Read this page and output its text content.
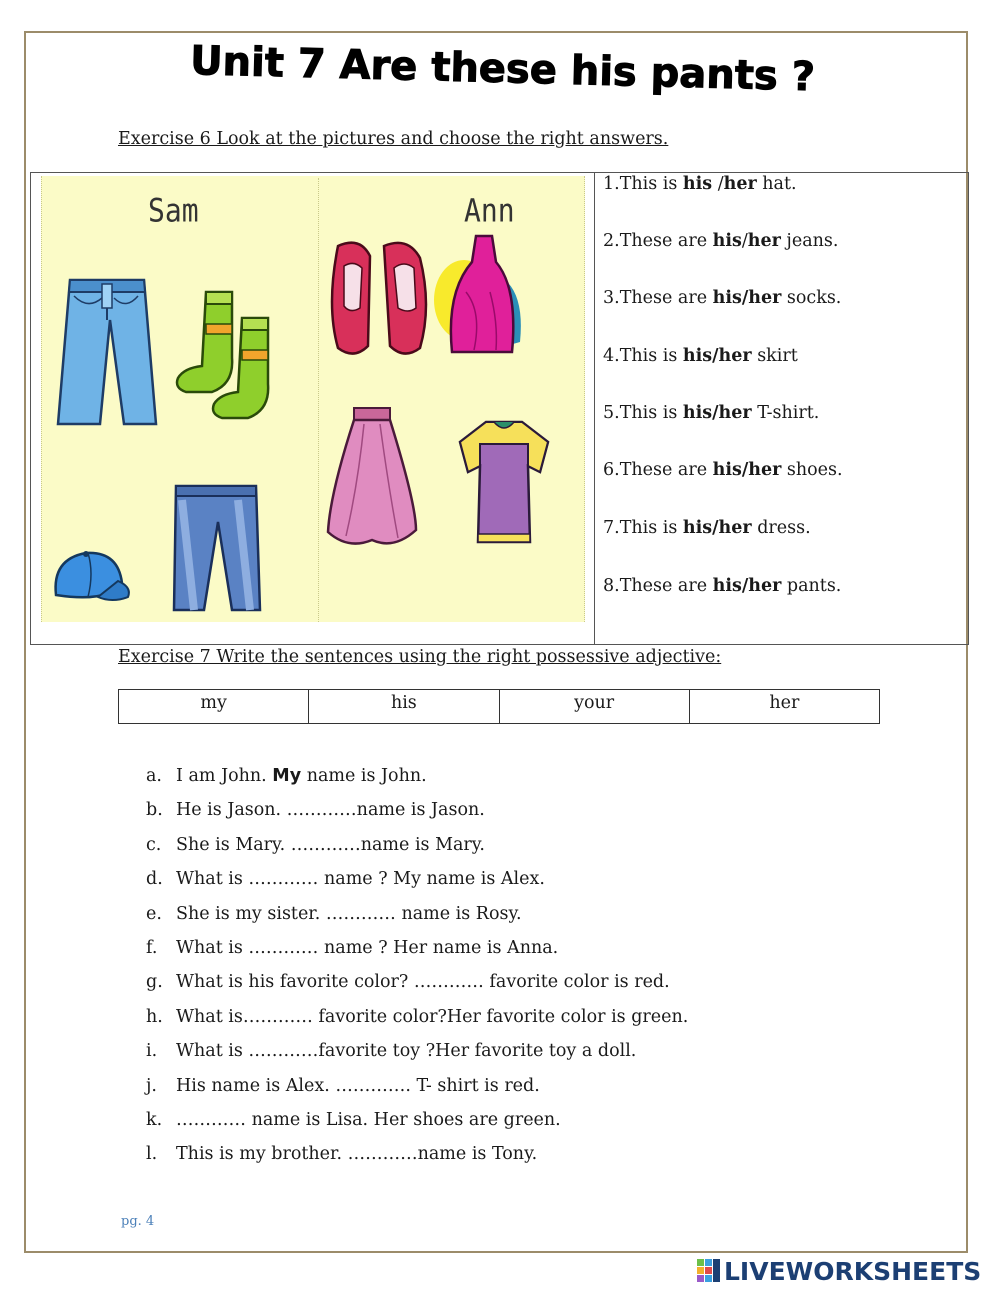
Unit 7 Are these his pants ?
Exercise 6 Look at the pictures and choose the right answers.
Sam	Ann
1.This is his /her hat.
2.These are his/her jeans.
3.These are his/her socks.
4.This is his/her skirt
5.This is his/her T-shirt.
6.These are his/her shoes.
7.This is his/her dress.
8.These are his/her pants.
Exercise 7 Write the sentences using the right possessive adjective:
my	his	your	her
a. I am John. My name is John.
b. He is Jason. …………name is Jason.
c. She is Mary. …………name is Mary.
d. What is ………… name ? My name is Alex.
e. She is my sister. ………… name is Rosy.
f.	What is ………… name ? Her name is Anna.
g. What is his favorite color? ………… favorite color is red.
h. What is………… favorite color?Her favorite color is green.
i.	What is …………favorite toy ?Her favorite toy a doll.
j.	His name is Alex. …………. T- shirt is red.
k. ………… name is Lisa. Her shoes are green.
l.	This is my brother. …………name is Tony.
pg. 4
LIVEWORKSHEETS
